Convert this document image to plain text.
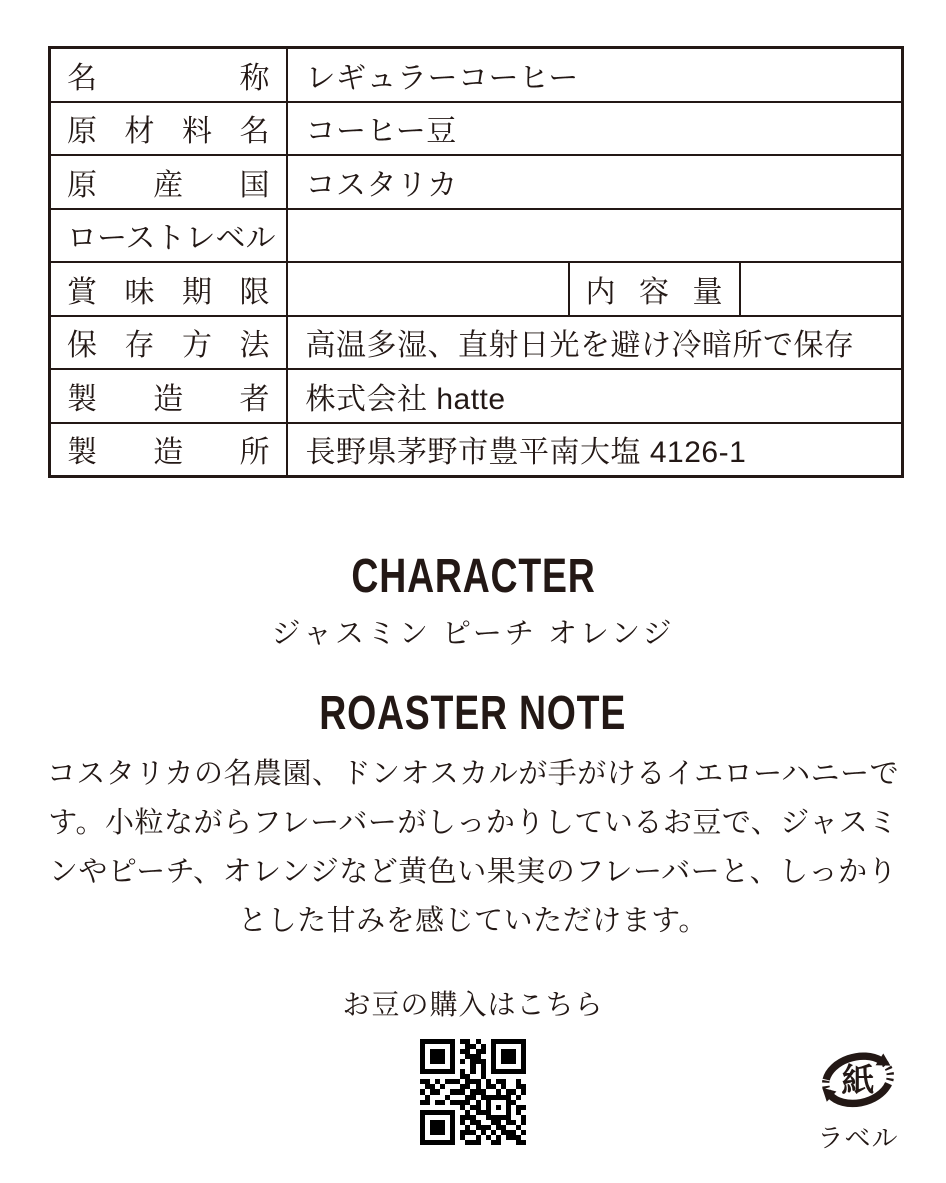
名称	レギュラーコーヒー		
原材料名	コーヒー豆		
原産国	コスタリカ		
ローストレベル			
賞味期限		内容量	
保存方法	高温多湿、直射日光を避け冷暗所で保存		
製造者	株式会社 hatte		
製造所	長野県茅野市豊平南大塩 4126-1		
CHARACTER
ジャスミン ピーチ オレンジ
ROASTER NOTE
コスタリカの名農園、ドンオスカルが手がけるイエローハニーで
す。小粒ながらフレーバーがしっかりしているお豆で、ジャスミ
ンやピーチ、オレンジなど黄色い果実のフレーバーと、しっかり
とした甘みを感じていただけます。
お豆の購入はこちら
紙
ラベル
